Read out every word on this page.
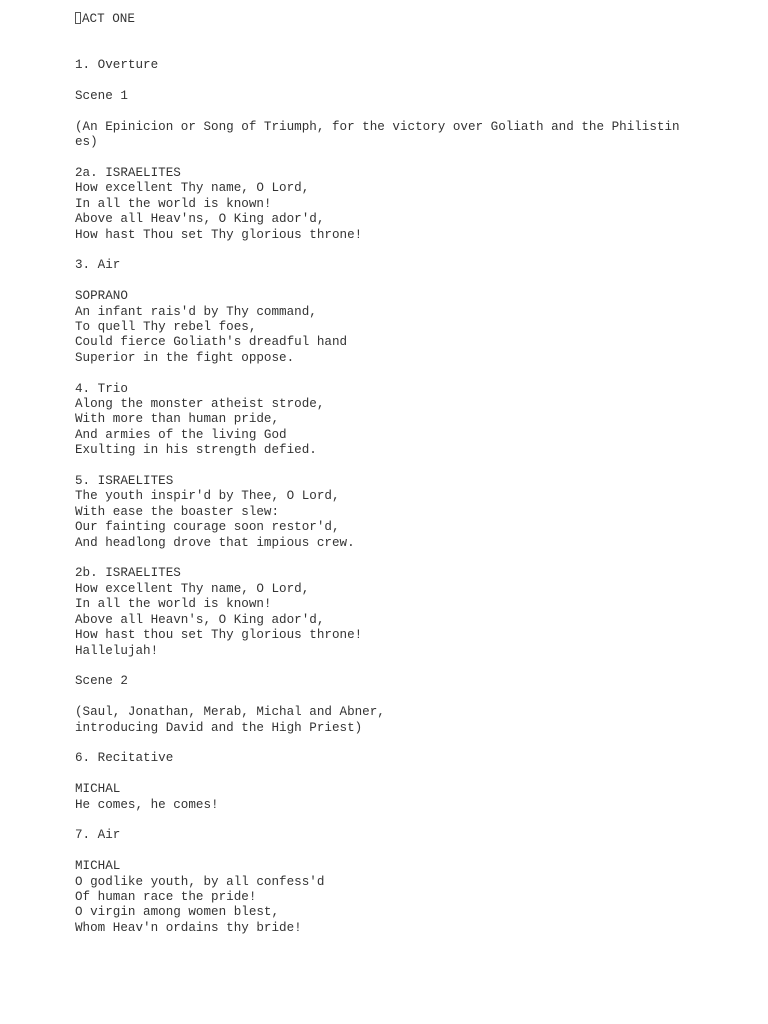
ACT ONE
1. Overture
Scene 1
(An Epinicion or Song of Triumph, for the victory over Goliath and the Philistines)
2a. ISRAELITES
How excellent Thy name, O Lord,
In all the world is known!
Above all Heav'ns, O King ador'd,
How hast Thou set Thy glorious throne!
3. Air
SOPRANO
An infant rais'd by Thy command,
To quell Thy rebel foes,
Could fierce Goliath's dreadful hand
Superior in the fight oppose.
4. Trio
Along the monster atheist strode,
With more than human pride,
And armies of the living God
Exulting in his strength defied.
5. ISRAELITES
The youth inspir'd by Thee, O Lord,
With ease the boaster slew:
Our fainting courage soon restor'd,
And headlong drove that impious crew.
2b. ISRAELITES
How excellent Thy name, O Lord,
In all the world is known!
Above all Heavn's, O King ador'd,
How hast thou set Thy glorious throne!
Hallelujah!
Scene 2
(Saul, Jonathan, Merab, Michal and Abner,
introducing David and the High Priest)
6. Recitative
MICHAL
He comes, he comes!
7. Air
MICHAL
O godlike youth, by all confess'd
Of human race the pride!
O virgin among women blest,
Whom Heav'n ordains thy bride!
